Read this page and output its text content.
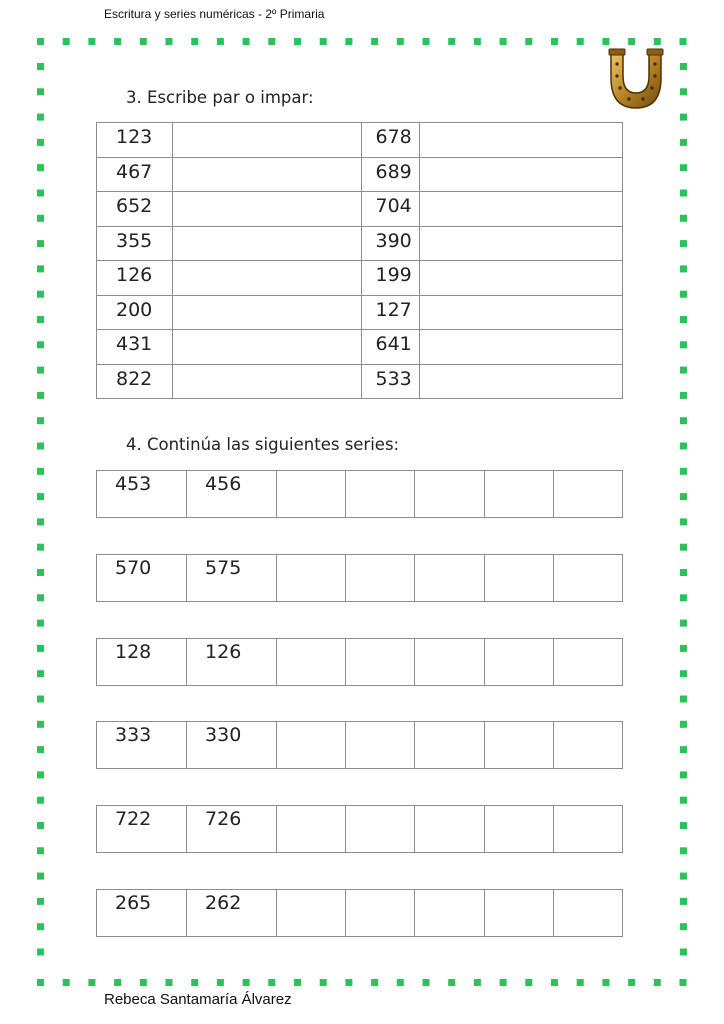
Escritura y series numéricas - 2º Primaria
3. Escribe par o impar:
123		678	
467		689	
652		704	
355		390	
126		199	
200		127	
431		641	
822		533	
4. Continúa las siguientes series:
453	456					
570	575					
128	126					
333	330					
722	726					
265	262					
Rebeca Santamaría Álvarez
